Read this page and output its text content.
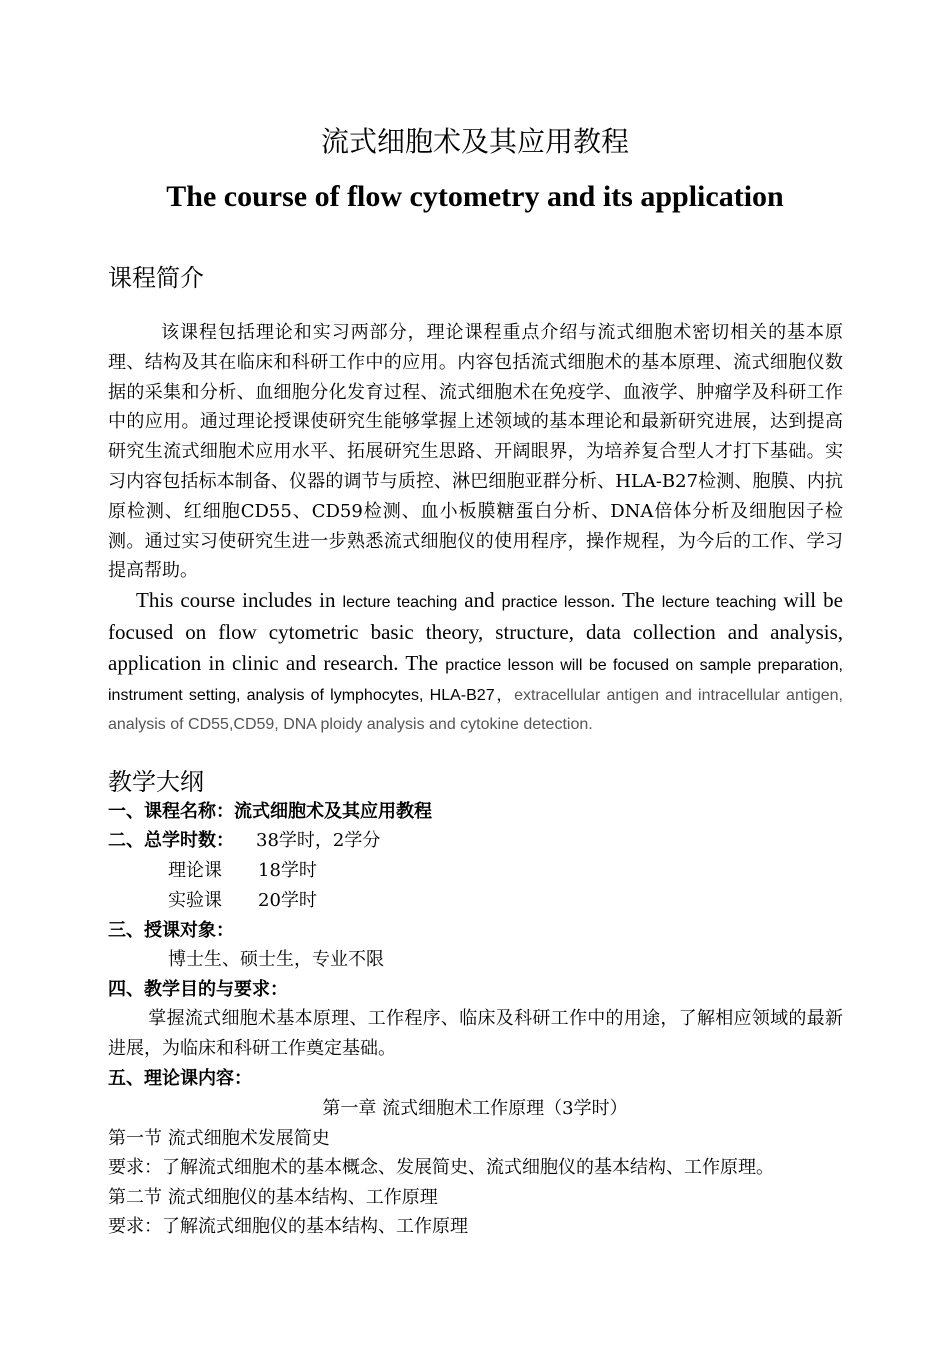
流式细胞术及其应用教程
The course of flow cytometry and its application
课程简介

该课程包括理论和实习两部分，理论课程重点介绍与流式细胞术密切相关的基本原理、结构及其在临床和科研工作中的应用。内容包括流式细胞术的基本原理、流式细胞仪数据的采集和分析、血细胞分化发育过程、流式细胞术在免疫学、血液学、肿瘤学及科研工作中的应用。通过理论授课使研究生能够掌握上述领域的基本理论和最新研究进展，达到提高研究生流式细胞术应用水平、拓展研究生思路、开阔眼界，为培养复合型人才打下基础。实习内容包括标本制备、仪器的调节与质控、淋巴细胞亚群分析、HLA-B27检测、胞膜、内抗原检测、红细胞CD55、CD59检测、血小板膜糖蛋白分析、DNA倍体分析及细胞因子检测。通过实习使研究生进一步熟悉流式细胞仪的使用程序，操作规程，为今后的工作、学习提高帮助。

This course includes in lecture teaching and practice lesson. The lecture teaching will be focused on flow cytometric basic theory, structure, data collection and analysis, application in clinic and research. The practice lesson will be focused on sample preparation, instrument setting, analysis of lymphocytes, HLA-B27，extracellular antigen and intracellular antigen, analysis of CD55,CD59, DNA ploidy analysis and cytokine detection.

教学大纲
一、课程名称：流式细胞术及其应用教程
二、总学时数： 38学时，2学分
理论课 18学时
实验课 20学时
三、授课对象：
博士生、硕士生，专业不限
四、教学目的与要求：

掌握流式细胞术基本原理、工作程序、临床及科研工作中的用途，了解相应领域的最新进展，为临床和科研工作奠定基础。

五、理论课内容：
第一章 流式细胞术工作原理（3学时）
第一节 流式细胞术发展简史
要求：了解流式细胞术的基本概念、发展简史、流式细胞仪的基本结构、工作原理。
第二节 流式细胞仪的基本结构、工作原理
要求：了解流式细胞仪的基本结构、工作原理
